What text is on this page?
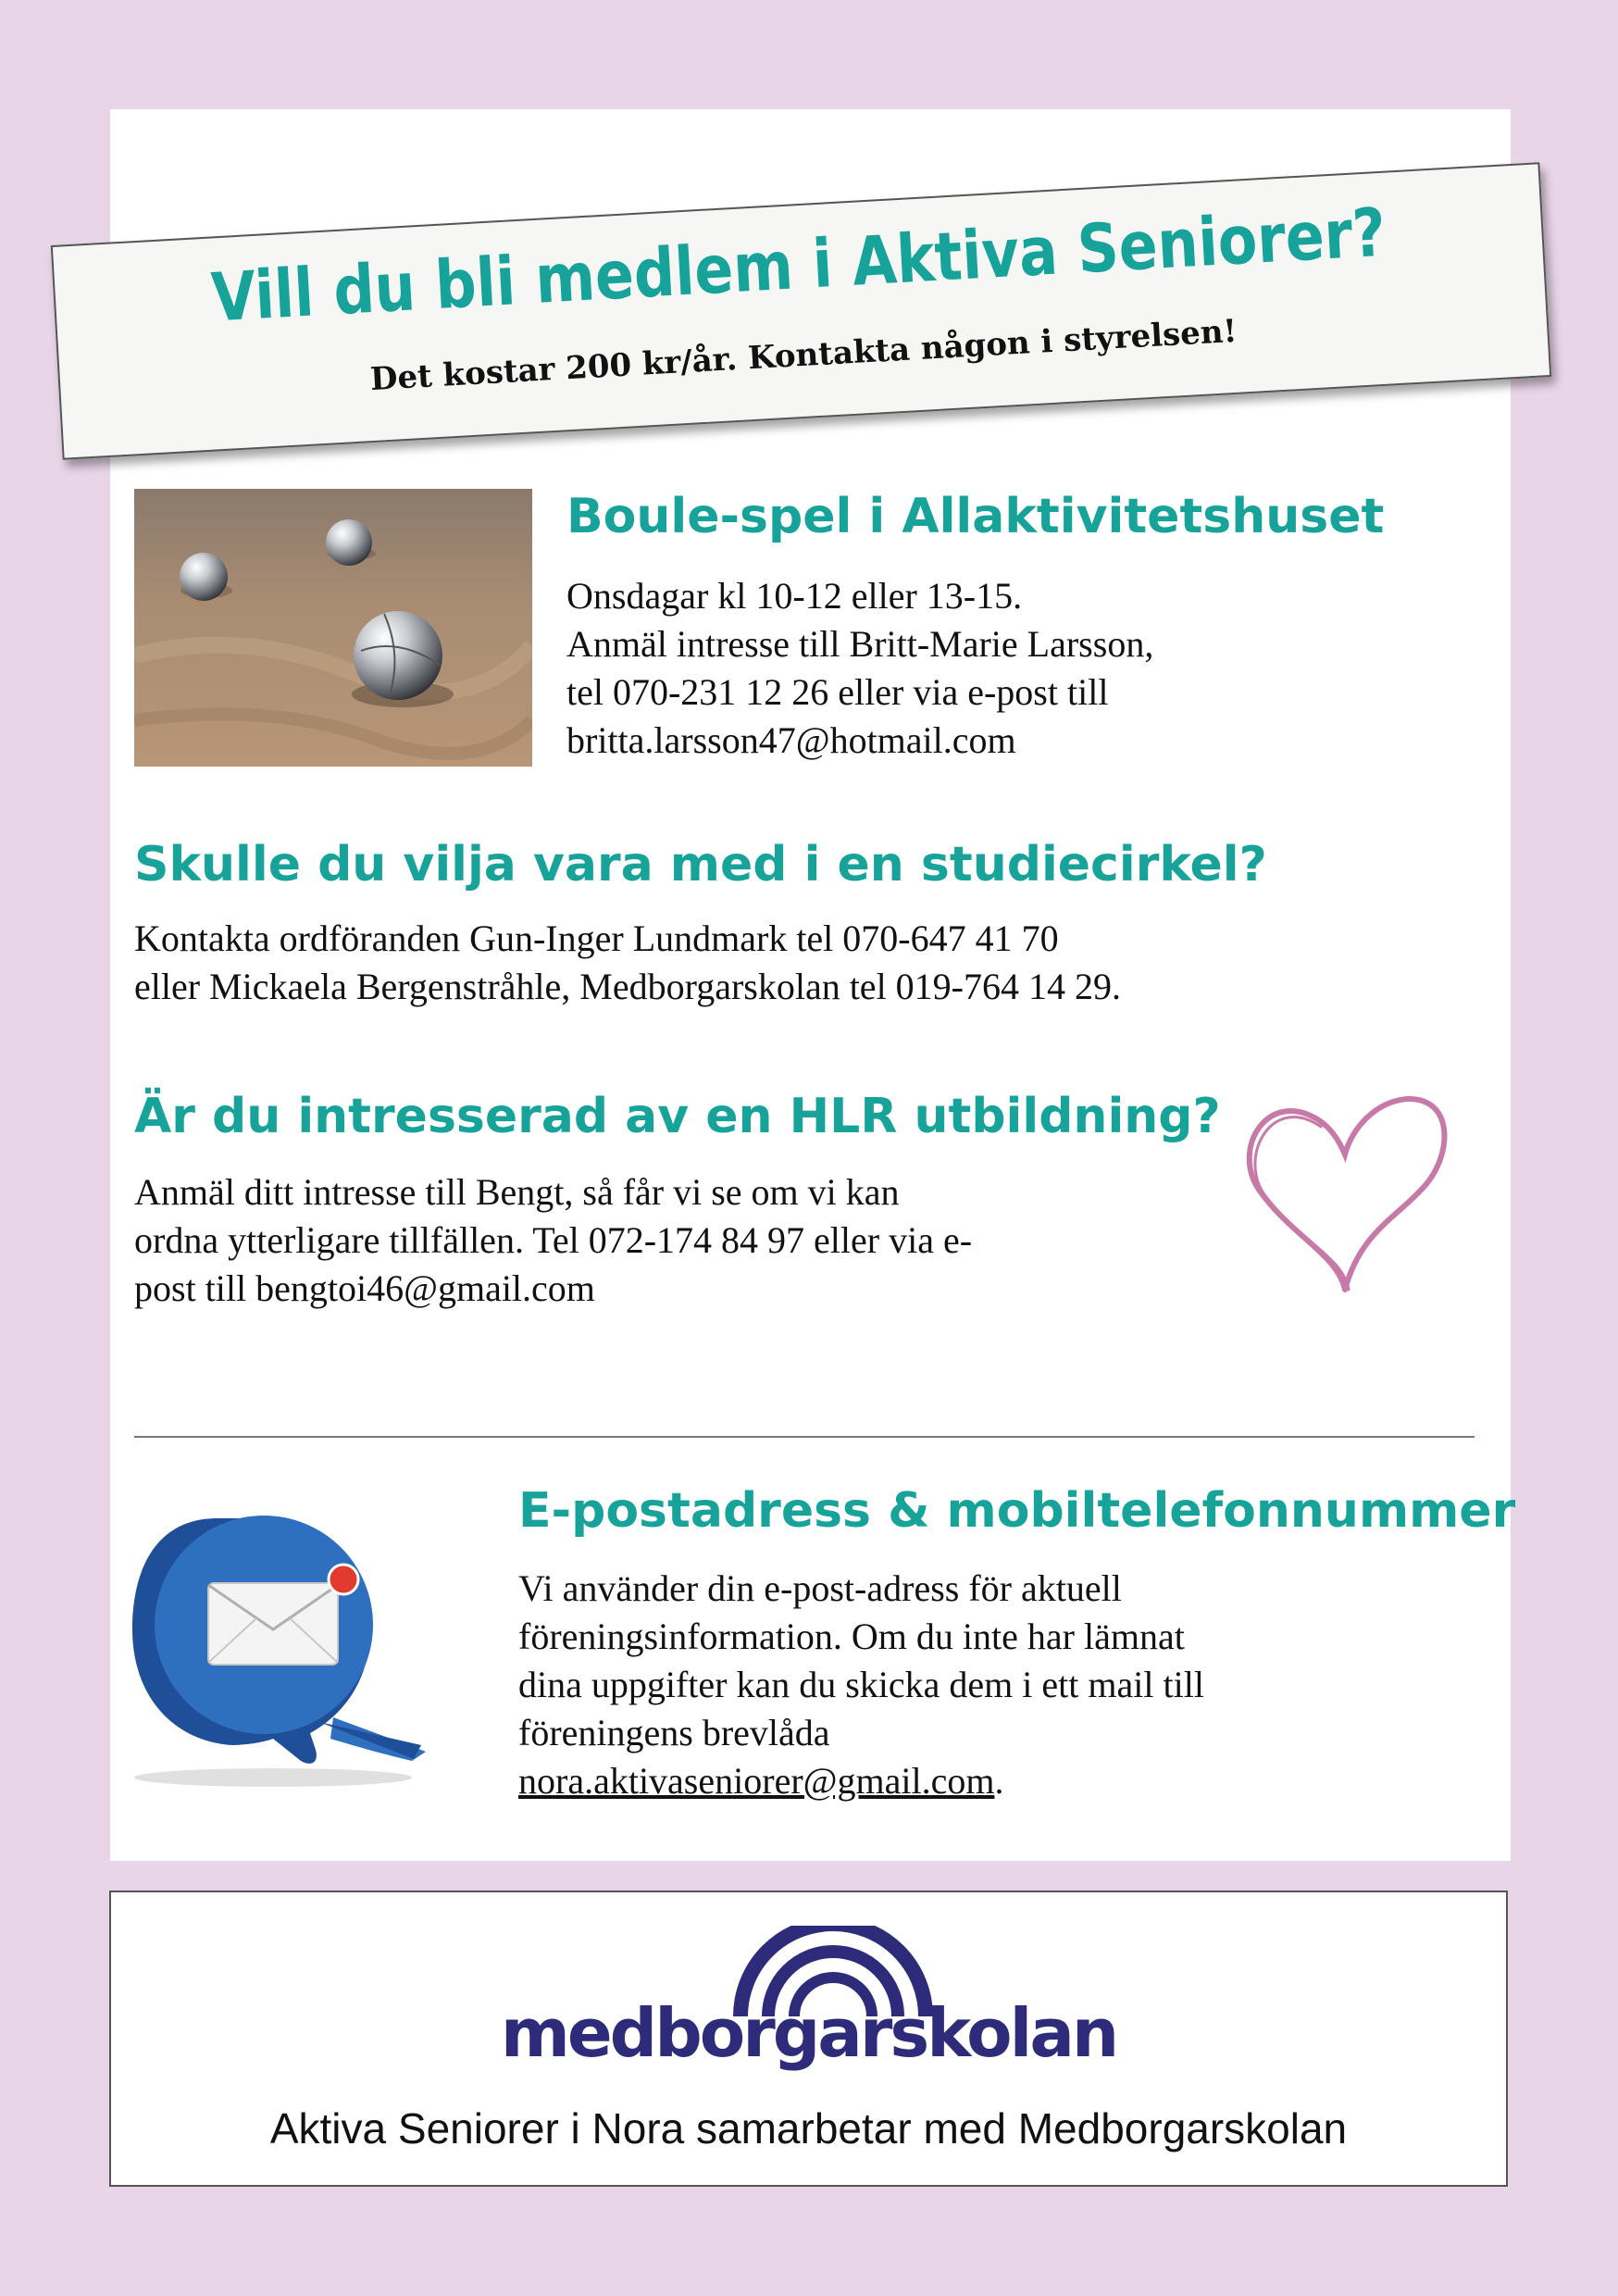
Vill du bli medlem i Aktiva Seniorer?
Det kostar 200 kr/år. Kontakta någon i styrelsen!
Boule-spel i Allaktivitetshuset
Onsdagar kl 10-12 eller 13-15.
Anmäl intresse till Britt-Marie Larsson,
tel 070-231 12 26 eller via e-post till
britta.larsson47@hotmail.com
Skulle du vilja vara med i en studiecirkel?
Kontakta ordföranden Gun-Inger Lundmark tel 070-647 41 70
eller Mickaela Bergenstråhle, Medborgarskolan tel 019-764 14 29.
Är du intresserad av en HLR utbildning?
Anmäl ditt intresse till Bengt, så får vi se om vi kan
ordna ytterligare tillfällen. Tel 072-174 84 97 eller via e-
post till bengtoi46@gmail.com
E-postadress & mobiltelefonnummer
Vi använder din e-post-adress för aktuell
föreningsinformation. Om du inte har lämnat
dina uppgifter kan du skicka dem i ett mail till
föreningens brevlåda
nora.aktivaseniorer@gmail.com.
medborgarskolan
Aktiva Seniorer i Nora samarbetar med Medborgarskolan
